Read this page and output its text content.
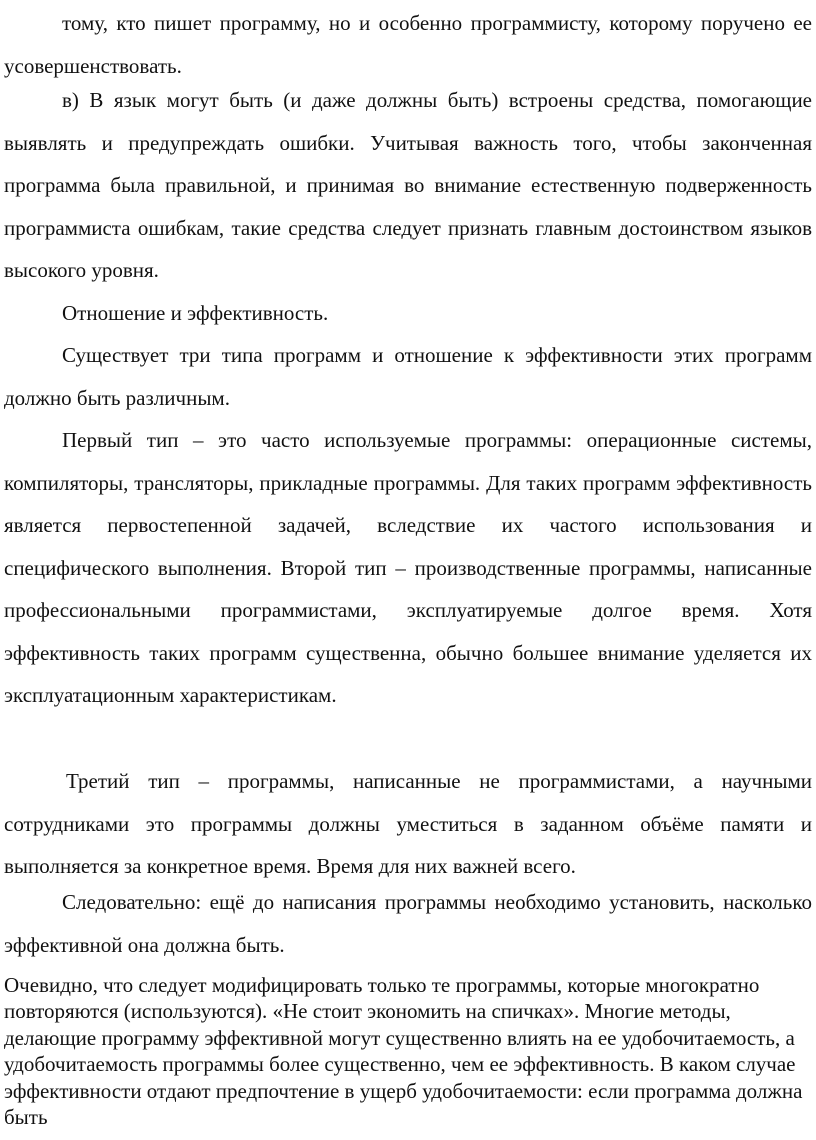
тому, кто пишет программу, но и особенно программисту, которому поручено ее усовершенствовать.

в) В язык могут быть (и даже должны быть) встроены средства, помогающие выявлять и предупреждать ошибки. Учитывая важность того, чтобы законченная программа была правильной, и принимая во внимание естественную подверженность программиста ошибкам, такие средства следует признать главным достоинством языков высокого уровня.

Отношение и эффективность.

Существует три типа программ и отношение к эффективности этих программ должно быть различным.

Первый тип – это часто используемые программы: операционные системы, компиляторы, трансляторы, прикладные программы. Для таких программ эффективность является первостепенной задачей, вследствие их частого использования и специфического выполнения. Второй тип – производственные программы, написанные профессиональными программистами, эксплуатируемые долгое время. Хотя эффективность таких программ существенна, обычно большее внимание уделяется их эксплуатационным характеристикам.

Третий тип – программы, написанные не программистами, а научными сотрудниками это программы должны уместиться в заданном объёме памяти и выполняется за конкретное время. Время для них важней всего.

Следовательно: ещё до написания программы необходимо установить, насколько эффективной она должна быть.

Очевидно, что следует модифицировать только те программы, которые многократно повторяются (используются). «Не стоит экономить на спичках». Многие методы, делающие программу эффективной могут существенно влиять на ее удобочитаемость, а удобочитаемость программы более существенно, чем ее эффективность. В каком случае эффективности отдают предпочтение в ущерб удобочитаемости: если программа должна быть
